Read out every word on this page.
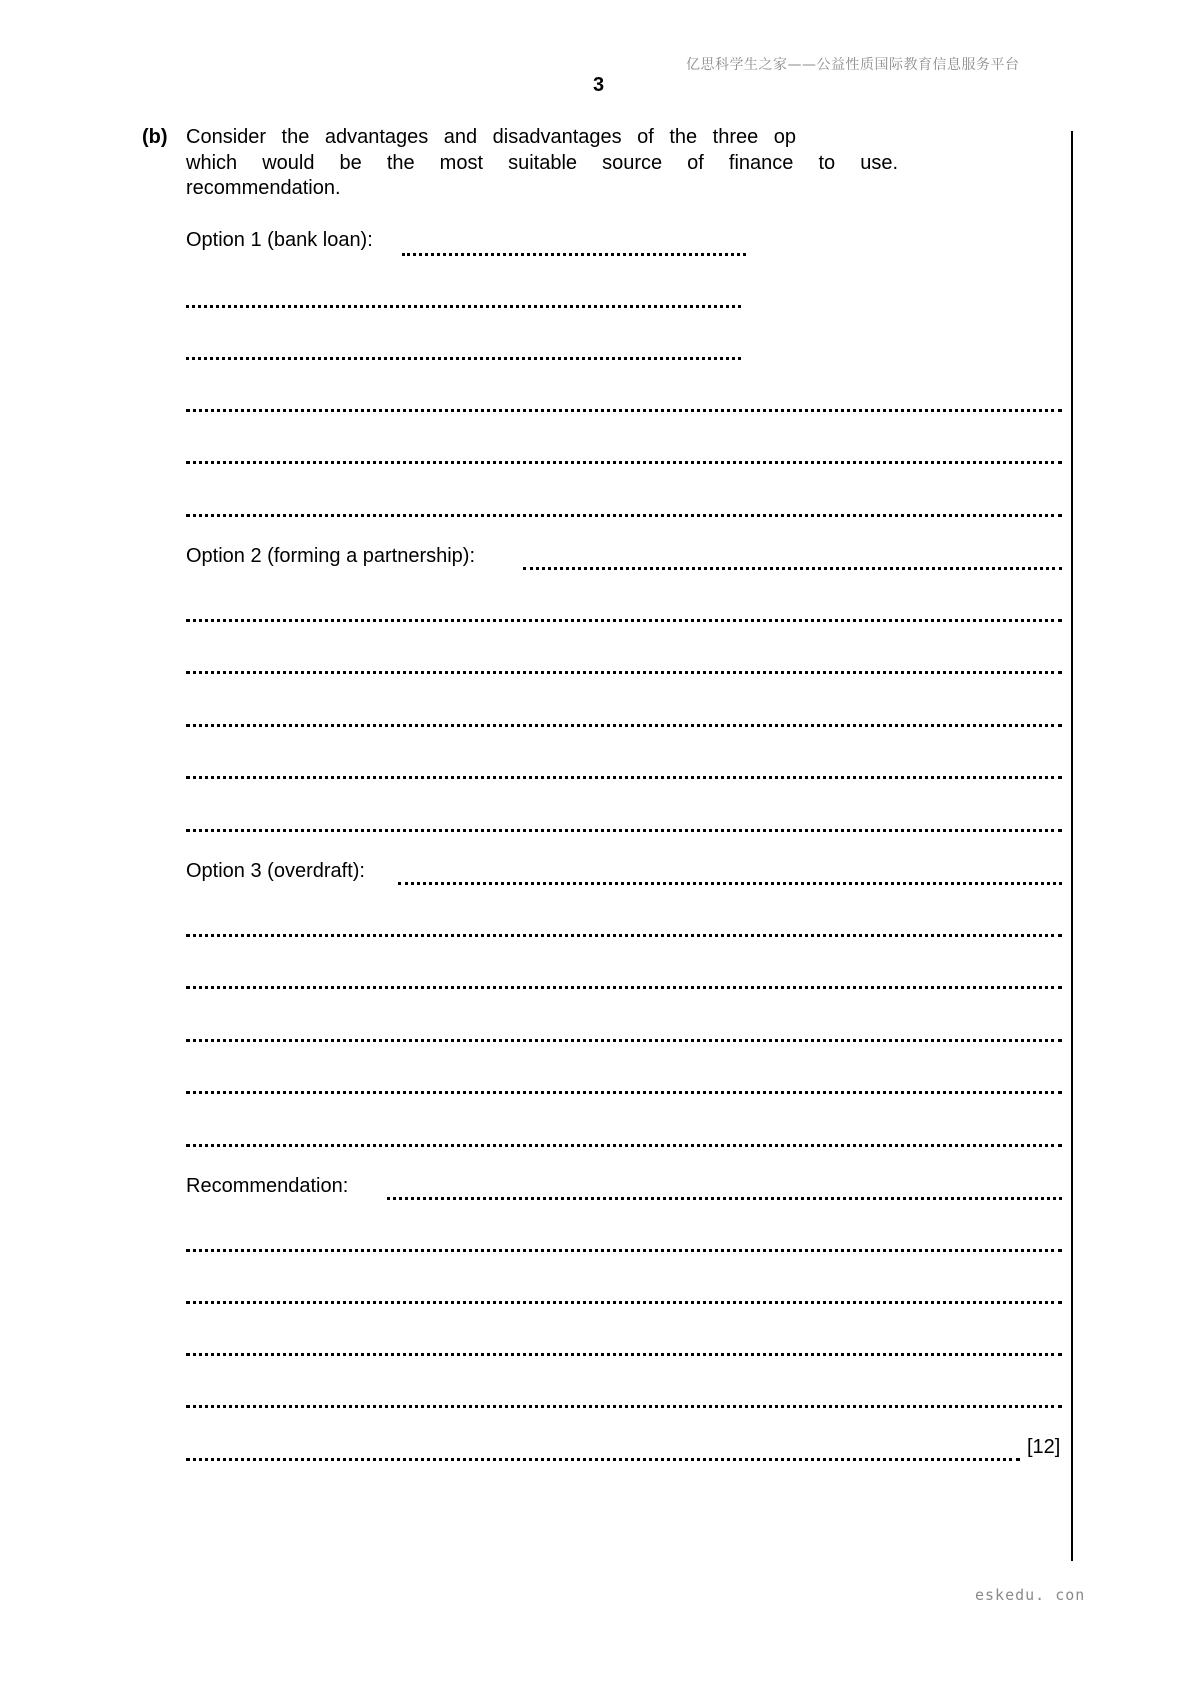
亿思科学生之家——公益性质国际教育信息服务平台
3
(b) Consider the advantages and disadvantages of the three op
which would be the most suitable source of finance to use.
recommendation.
Option 1 (bank loan):
Option 2 (forming a partnership):
Option 3 (overdraft):
Recommendation:
[12]
eskedu. con
